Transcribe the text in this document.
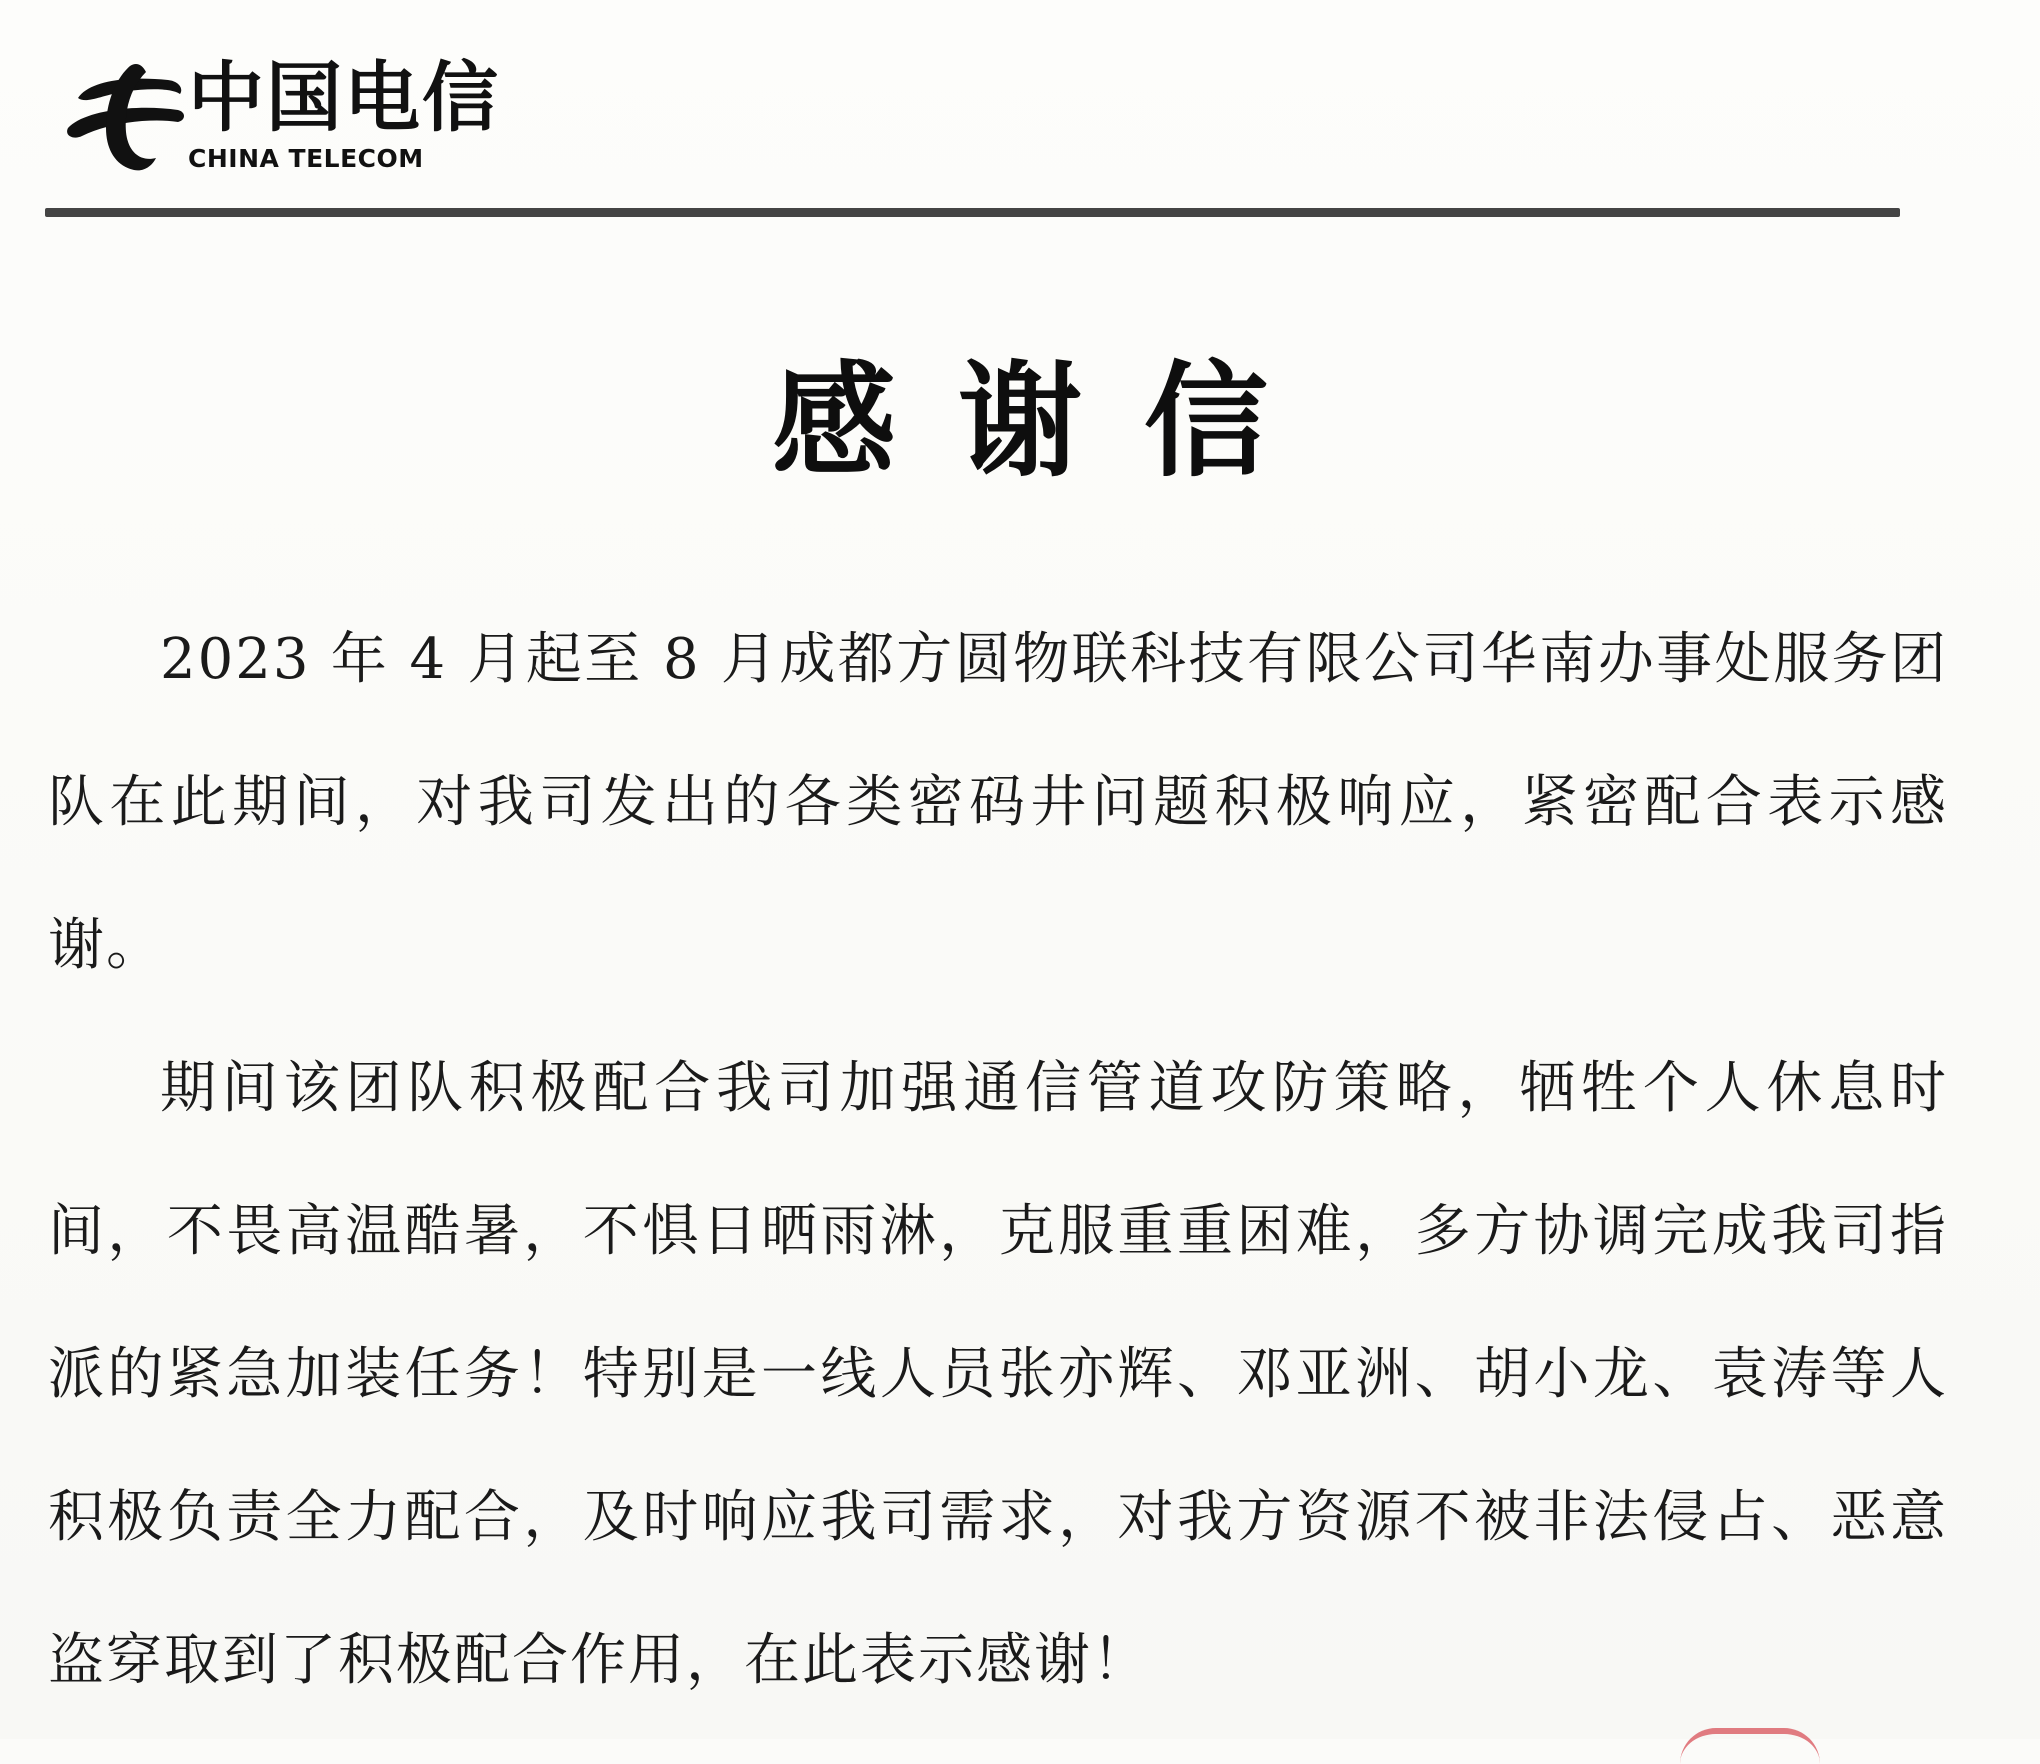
中国电信
CHINA TELECOM
感谢信

2023 年 4 月起至 8 月成都方圆物联科技有限公司华南办事处服务团队在此期间，对我司发出的各类密码井问题积极响应，紧密配合表示感谢。

期间该团队积极配合我司加强通信管道攻防策略，牺牲个人休息时间，不畏高温酷暑，不惧日晒雨淋，克服重重困难，多方协调完成我司指派的紧急加装任务！特别是一线人员张亦辉、邓亚洲、胡小龙、袁涛等人积极负责全力配合，及时响应我司需求，对我方资源不被非法侵占、恶意盗穿取到了积极配合作用，在此表示感谢！
